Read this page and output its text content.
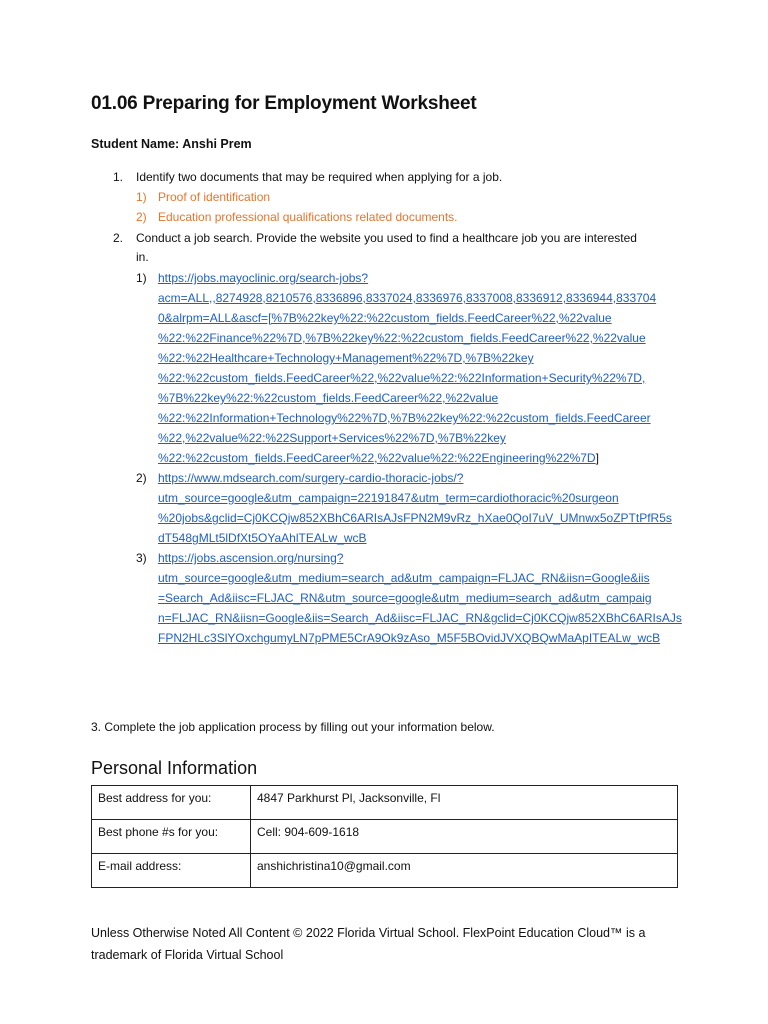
01.06 Preparing for Employment Worksheet
Student Name: Anshi Prem
1. Identify two documents that may be required when applying for a job.
1) Proof of identification
2) Education professional qualifications related documents.
2. Conduct a job search. Provide the website you used to find a healthcare job you are interested
in.
1) https://jobs.mayoclinic.org/search-jobs?
acm=ALL,,8274928,8210576,8336896,8337024,8336976,8337008,8336912,8336944,833704
0&alrpm=ALL&ascf=[%7B%22key%22:%22custom_fields.FeedCareer%22,%22value
%22:%22Finance%22%7D,%7B%22key%22:%22custom_fields.FeedCareer%22,%22value
%22:%22Healthcare+Technology+Management%22%7D,%7B%22key
%22:%22custom_fields.FeedCareer%22,%22value%22:%22Information+Security%22%7D,
%7B%22key%22:%22custom_fields.FeedCareer%22,%22value
%22:%22Information+Technology%22%7D,%7B%22key%22:%22custom_fields.FeedCareer
%22,%22value%22:%22Support+Services%22%7D,%7B%22key
%22:%22custom_fields.FeedCareer%22,%22value%22:%22Engineering%22%7D]
2) https://www.mdsearch.com/surgery-cardio-thoracic-jobs/?
utm_source=google&utm_campaign=22191847&utm_term=cardiothoracic%20surgeon
%20jobs&gclid=Cj0KCQjw852XBhC6ARIsAJsFPN2M9vRz_hXae0QoI7uV_UMnwx5oZPTtPfR5s
dT548gMLt5lDfXt5OYaAhlTEALw_wcB
3) https://jobs.ascension.org/nursing?
utm_source=google&utm_medium=search_ad&utm_campaign=FLJAC_RN&iisn=Google&iis
=Search_Ad&iisc=FLJAC_RN&utm_source=google&utm_medium=search_ad&utm_campaig
n=FLJAC_RN&iisn=Google&iis=Search_Ad&iisc=FLJAC_RN&gclid=Cj0KCQjw852XBhC6ARIsAJs
FPN2HLc3SlYOxchgumyLN7pPME5CrA9Ok9zAso_M5F5BOvidJVXQBQwMaApITEALw_wcB
3. Complete the job application process by filling out your information below.
Personal Information
Best address for you:	4847 Parkhurst Pl, Jacksonville, Fl
Best phone #s for you:	Cell: 904-609-1618
E-mail address:	anshichristina10@gmail.com
Unless Otherwise Noted All Content © 2022 Florida Virtual School. FlexPoint Education Cloud™ is a
trademark of Florida Virtual School
